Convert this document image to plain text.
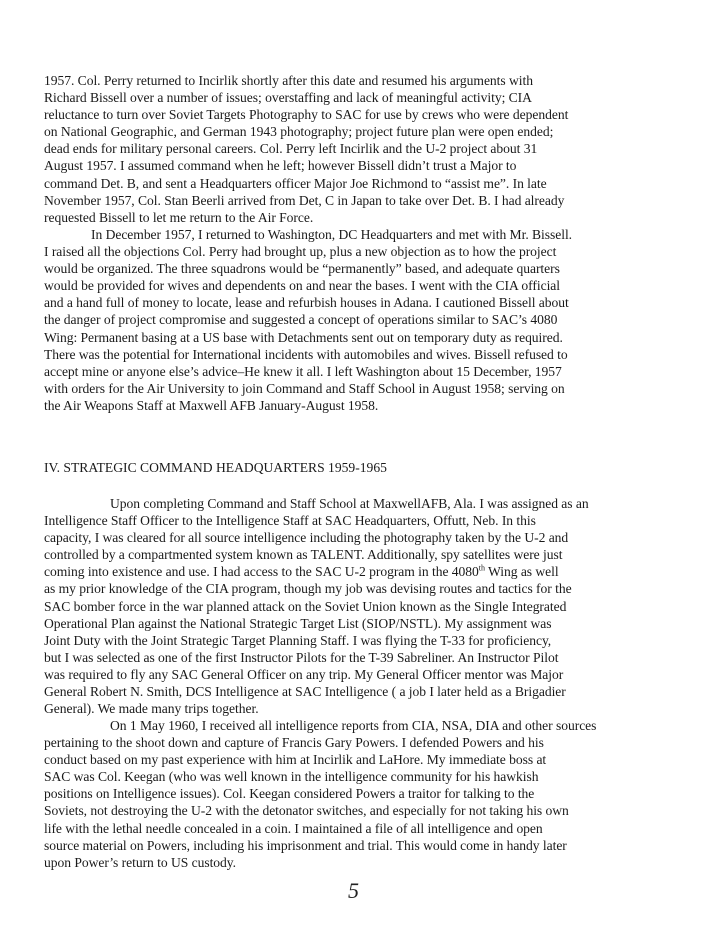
1957. Col. Perry returned to Incirlik shortly after this date and resumed his arguments with
Richard Bissell over a number of issues; overstaffing and lack of meaningful activity; CIA
reluctance to turn over Soviet Targets Photography to SAC for use by crews who were dependent
on National Geographic, and German 1943 photography; project future plan were open ended;
dead ends for military personal careers. Col. Perry left Incirlik and the U-2 project about 31
August 1957. I assumed command when he left; however Bissell didn’t trust a Major to
command Det. B, and sent a Headquarters officer Major Joe Richmond to “assist me”. In late
November 1957, Col. Stan Beerli arrived from Det, C in Japan to take over Det. B. I had already
requested Bissell to let me return to the Air Force.
In December 1957, I returned to Washington, DC Headquarters and met with Mr. Bissell.
I raised all the objections Col. Perry had brought up, plus a new objection as to how the project
would be organized. The three squadrons would be “permanently” based, and adequate quarters
would be provided for wives and dependents on and near the bases. I went with the CIA official
and a hand full of money to locate, lease and refurbish houses in Adana. I cautioned Bissell about
the danger of project compromise and suggested a concept of operations similar to SAC’s 4080
Wing: Permanent basing at a US base with Detachments sent out on temporary duty as required.
There was the potential for International incidents with automobiles and wives. Bissell refused to
accept mine or anyone else’s advice–He knew it all. I left Washington about 15 December, 1957
with orders for the Air University to join Command and Staff School in August 1958; serving on
the Air Weapons Staff at Maxwell AFB January-August 1958.
IV. STRATEGIC COMMAND HEADQUARTERS 1959-1965
Upon completing Command and Staff School at MaxwellAFB, Ala. I was assigned as an
Intelligence Staff Officer to the Intelligence Staff at SAC Headquarters, Offutt, Neb. In this
capacity, I was cleared for all source intelligence including the photography taken by the U-2 and
controlled by a compartmented system known as TALENT. Additionally, spy satellites were just
coming into existence and use. I had access to the SAC U-2 program in the 4080th Wing as well
as my prior knowledge of the CIA program, though my job was devising routes and tactics for the
SAC bomber force in the war planned attack on the Soviet Union known as the Single Integrated
Operational Plan against the National Strategic Target List (SIOP/NSTL). My assignment was
Joint Duty with the Joint Strategic Target Planning Staff. I was flying the T-33 for proficiency,
but I was selected as one of the first Instructor Pilots for the T-39 Sabreliner. An Instructor Pilot
was required to fly any SAC General Officer on any trip. My General Officer mentor was Major
General Robert N. Smith, DCS Intelligence at SAC Intelligence ( a job I later held as a Brigadier
General). We made many trips together.
On 1 May 1960, I received all intelligence reports from CIA, NSA, DIA and other sources
pertaining to the shoot down and capture of Francis Gary Powers. I defended Powers and his
conduct based on my past experience with him at Incirlik and LaHore. My immediate boss at
SAC was Col. Keegan (who was well known in the intelligence community for his hawkish
positions on Intelligence issues). Col. Keegan considered Powers a traitor for talking to the
Soviets, not destroying the U-2 with the detonator switches, and especially for not taking his own
life with the lethal needle concealed in a coin. I maintained a file of all intelligence and open
source material on Powers, including his imprisonment and trial. This would come in handy later
upon Power’s return to US custody.
5
